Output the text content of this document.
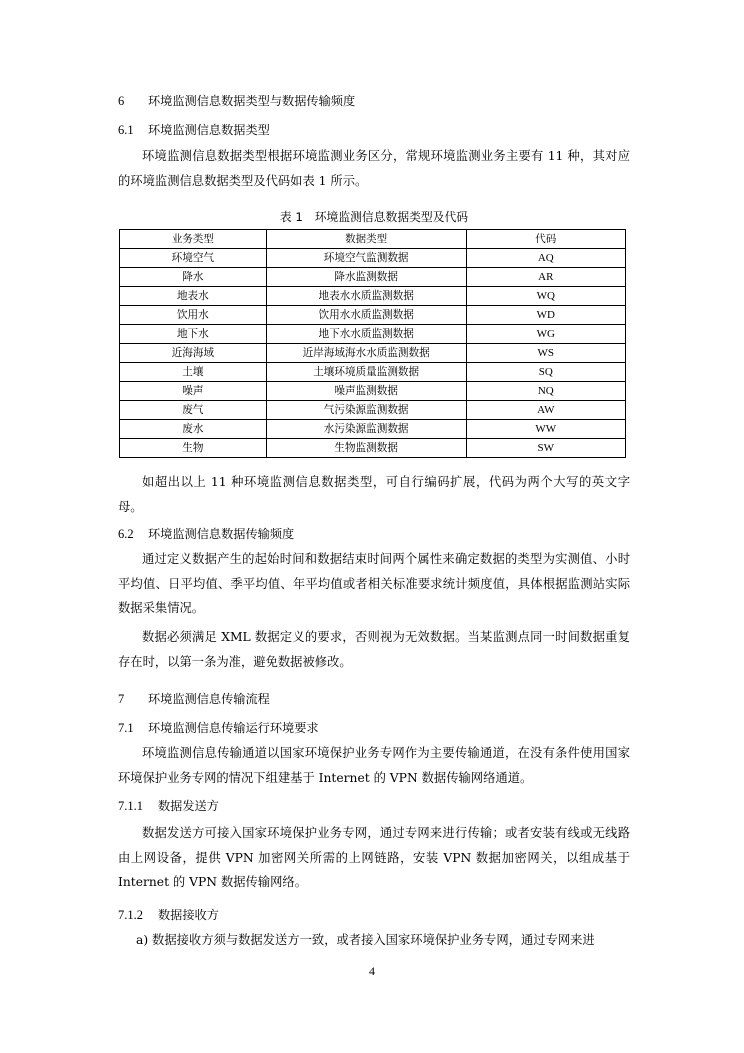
6 环境监测信息数据类型与数据传输频度
6.1 环境监测信息数据类型
环境监测信息数据类型根据环境监测业务区分，常规环境监测业务主要有 11 种，其对应的环境监测信息数据类型及代码如表 1 所示。
表 1　环境监测信息数据类型及代码
业务类型	数据类型	代码
环境空气	环境空气监测数据	AQ
降水	降水监测数据	AR
地表水	地表水水质监测数据	WQ
饮用水	饮用水水质监测数据	WD
地下水	地下水水质监测数据	WG
近海海域	近岸海域海水水质监测数据	WS
土壤	土壤环境质量监测数据	SQ
噪声	噪声监测数据	NQ
废气	气污染源监测数据	AW
废水	水污染源监测数据	WW
生物	生物监测数据	SW
如超出以上 11 种环境监测信息数据类型，可自行编码扩展，代码为两个大写的英文字母。
6.2 环境监测信息数据传输频度
通过定义数据产生的起始时间和数据结束时间两个属性来确定数据的类型为实测值、小时平均值、日平均值、季平均值、年平均值或者相关标准要求统计频度值，具体根据监测站实际数据采集情况。
数据必须满足 XML 数据定义的要求，否则视为无效数据。当某监测点同一时间数据重复存在时，以第一条为准，避免数据被修改。
7 环境监测信息传输流程
7.1 环境监测信息传输运行环境要求
环境监测信息传输通道以国家环境保护业务专网作为主要传输通道，在没有条件使用国家环境保护业务专网的情况下组建基于 Internet 的 VPN 数据传输网络通道。
7.1.1 数据发送方
数据发送方可接入国家环境保护业务专网，通过专网来进行传输；或者安装有线或无线路由上网设备，提供 VPN 加密网关所需的上网链路，安装 VPN 数据加密网关，以组成基于 Internet 的 VPN 数据传输网络。
7.1.2 数据接收方
a) 数据接收方须与数据发送方一致，或者接入国家环境保护业务专网，通过专网来进
4
